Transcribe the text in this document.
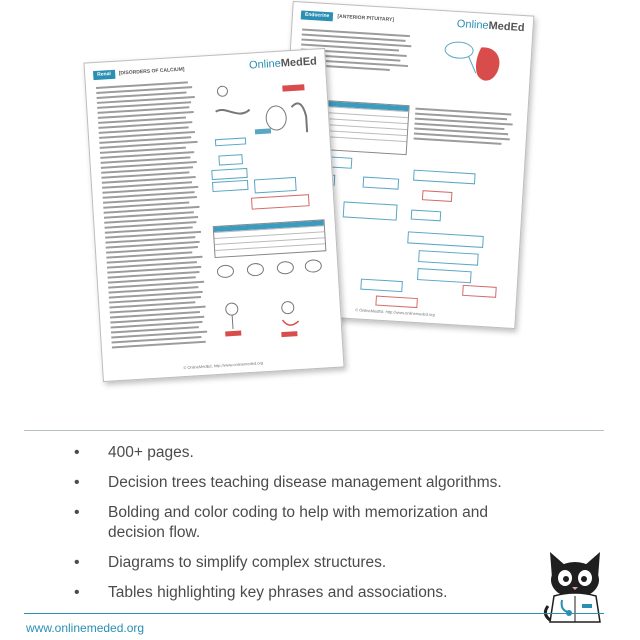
Endocrine	[ANTERIOR PITUITARY]	OnlineMedEd
© OnlineMedEd. http://www.onlinemeded.org
Renal	[DISORDERS OF CALCIUM]	OnlineMedEd
© OnlineMedEd. http://www.onlinemeded.org
• 400+ pages.
• Decision trees teaching disease management algorithms.
• Bolding and color coding to help with memorization and decision flow.
• Diagrams to simplify complex structures.
• Tables highlighting key phrases and associations.
www.onlinemeded.org
